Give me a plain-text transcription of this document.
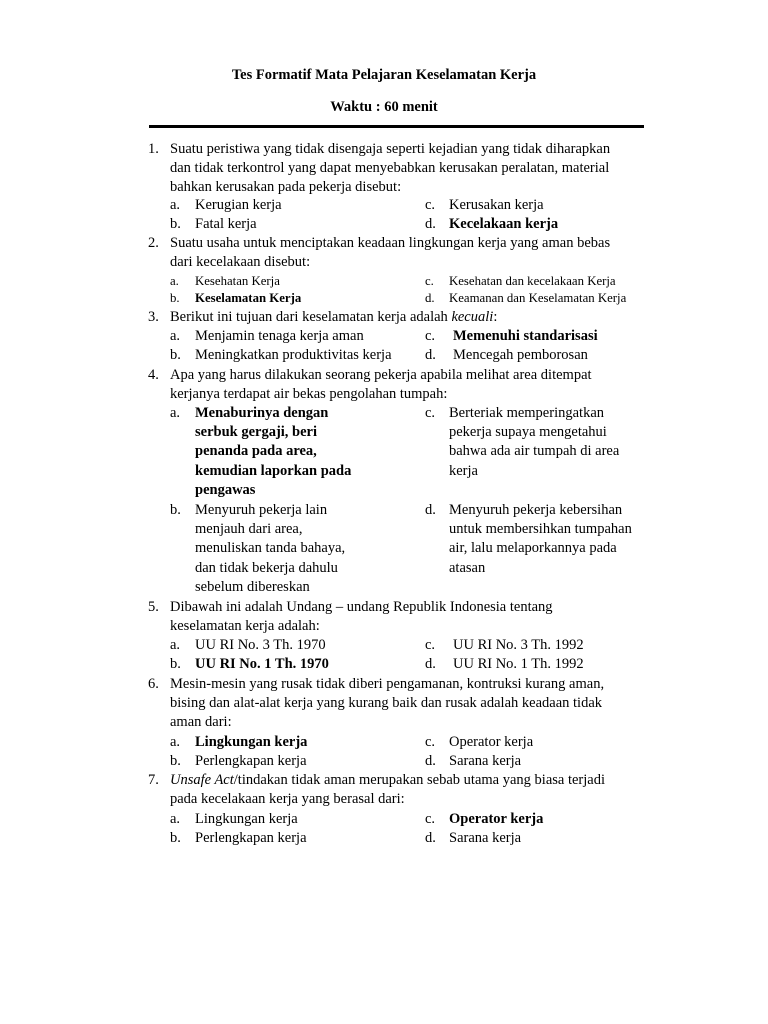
Tes Formatif Mata Pelajaran Keselamatan Kerja
Waktu : 60 menit
1. Suatu peristiwa yang tidak disengaja seperti kejadian yang tidak diharapkan
dan tidak terkontrol yang dapat menyebabkan kerusakan peralatan, material
bahkan kerusakan pada pekerja disebut:
a. Kerugian kerja
b. Fatal kerja
c. Kerusakan kerja
d. Kecelakaan kerja
2. Suatu usaha untuk menciptakan keadaan lingkungan kerja yang aman bebas
dari kecelakaan disebut:
a. Kesehatan Kerja
b. Keselamatan Kerja
c. Kesehatan dan kecelakaan Kerja
d. Keamanan dan Keselamatan Kerja
3. Berikut ini tujuan dari keselamatan kerja adalah kecuali:
a. Menjamin tenaga kerja aman
b. Meningkatkan produktivitas kerja
c. Memenuhi standarisasi
d. Mencegah pemborosan
4. Apa yang harus dilakukan seorang pekerja apabila melihat area ditempat
kerjanya terdapat air bekas pengolahan tumpah:
a. Menaburinya dengan
serbuk gergaji, beri
penanda pada area,
kemudian laporkan pada
pengawas
b. Menyuruh pekerja lain
menjauh dari area,
menuliskan tanda bahaya,
dan tidak bekerja dahulu
sebelum dibereskan
c. Berteriak memperingatkan
pekerja supaya mengetahui
bahwa ada air tumpah di area
kerja
d. Menyuruh pekerja kebersihan
untuk membersihkan tumpahan
air, lalu melaporkannya pada
atasan
5. Dibawah ini adalah Undang – undang Republik Indonesia tentang
keselamatan kerja adalah:
a. UU RI No. 3 Th. 1970
b. UU RI No. 1 Th. 1970
c. UU RI No. 3 Th. 1992
d. UU RI No. 1 Th. 1992
6. Mesin-mesin yang rusak tidak diberi pengamanan, kontruksi kurang aman,
bising dan alat-alat kerja yang kurang baik dan rusak adalah keadaan tidak
aman dari:
a. Lingkungan kerja
b. Perlengkapan kerja
c. Operator kerja
d. Sarana kerja
7. Unsafe Act/tindakan tidak aman merupakan sebab utama yang biasa terjadi
pada kecelakaan kerja yang berasal dari:
a. Lingkungan kerja
b. Perlengkapan kerja
c. Operator kerja
d. Sarana kerja
